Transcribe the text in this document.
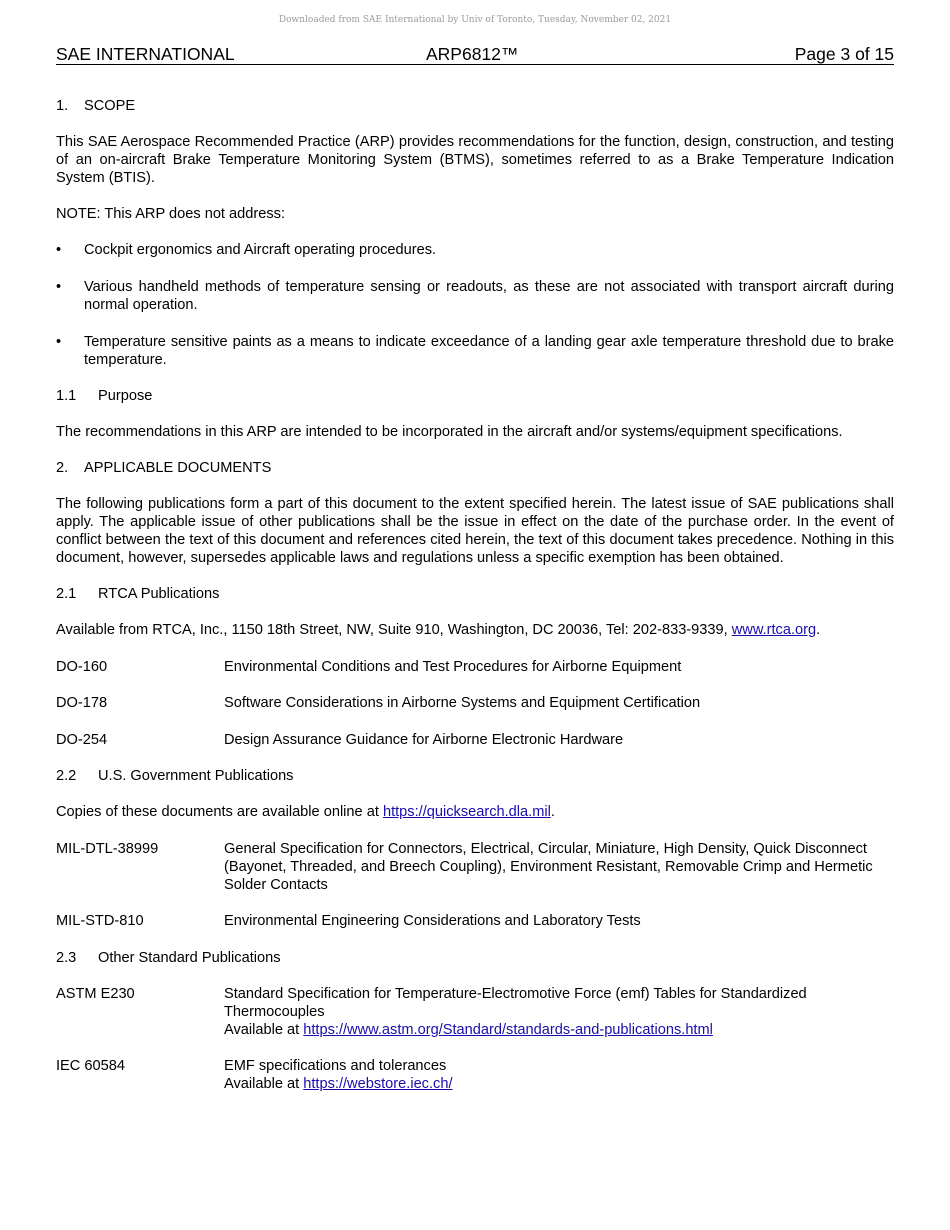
Downloaded from SAE International by Univ of Toronto, Tuesday, November 02, 2021
SAE INTERNATIONAL	ARP6812™	Page 3 of 15

1.	SCOPE

This SAE Aerospace Recommended Practice (ARP) provides recommendations for the function, design, construction, and testing of an on-aircraft Brake Temperature Monitoring System (BTMS), sometimes referred to as a Brake Temperature Indication System (BTIS).

NOTE: This ARP does not address:

•	Cockpit ergonomics and Aircraft operating procedures.
•	Various handheld methods of temperature sensing or readouts, as these are not associated with transport aircraft during normal operation.
•	Temperature sensitive paints as a means to indicate exceedance of a landing gear axle temperature threshold due to brake temperature.

1.1	Purpose

The recommendations in this ARP are intended to be incorporated in the aircraft and/or systems/equipment specifications.

2.	APPLICABLE DOCUMENTS

The following publications form a part of this document to the extent specified herein. The latest issue of SAE publications shall apply. The applicable issue of other publications shall be the issue in effect on the date of the purchase order. In the event of conflict between the text of this document and references cited herein, the text of this document takes precedence. Nothing in this document, however, supersedes applicable laws and regulations unless a specific exemption has been obtained.

2.1	RTCA Publications

Available from RTCA, Inc., 1150 18th Street, NW, Suite 910, Washington, DC 20036, Tel: 202-833-9339, www.rtca.org.

DO-160	Environmental Conditions and Test Procedures for Airborne Equipment
DO-178	Software Considerations in Airborne Systems and Equipment Certification
DO-254	Design Assurance Guidance for Airborne Electronic Hardware

2.2	U.S. Government Publications

Copies of these documents are available online at https://quicksearch.dla.mil.

MIL-DTL-38999	General Specification for Connectors, Electrical, Circular, Miniature, High Density, Quick Disconnect (Bayonet, Threaded, and Breech Coupling), Environment Resistant, Removable Crimp and Hermetic Solder Contacts
MIL-STD-810	Environmental Engineering Considerations and Laboratory Tests

2.3	Other Standard Publications

ASTM E230	Standard Specification for Temperature-Electromotive Force (emf) Tables for Standardized Thermocouples
Available at https://www.astm.org/Standard/standards-and-publications.html
IEC 60584	EMF specifications and tolerances
Available at https://webstore.iec.ch/
